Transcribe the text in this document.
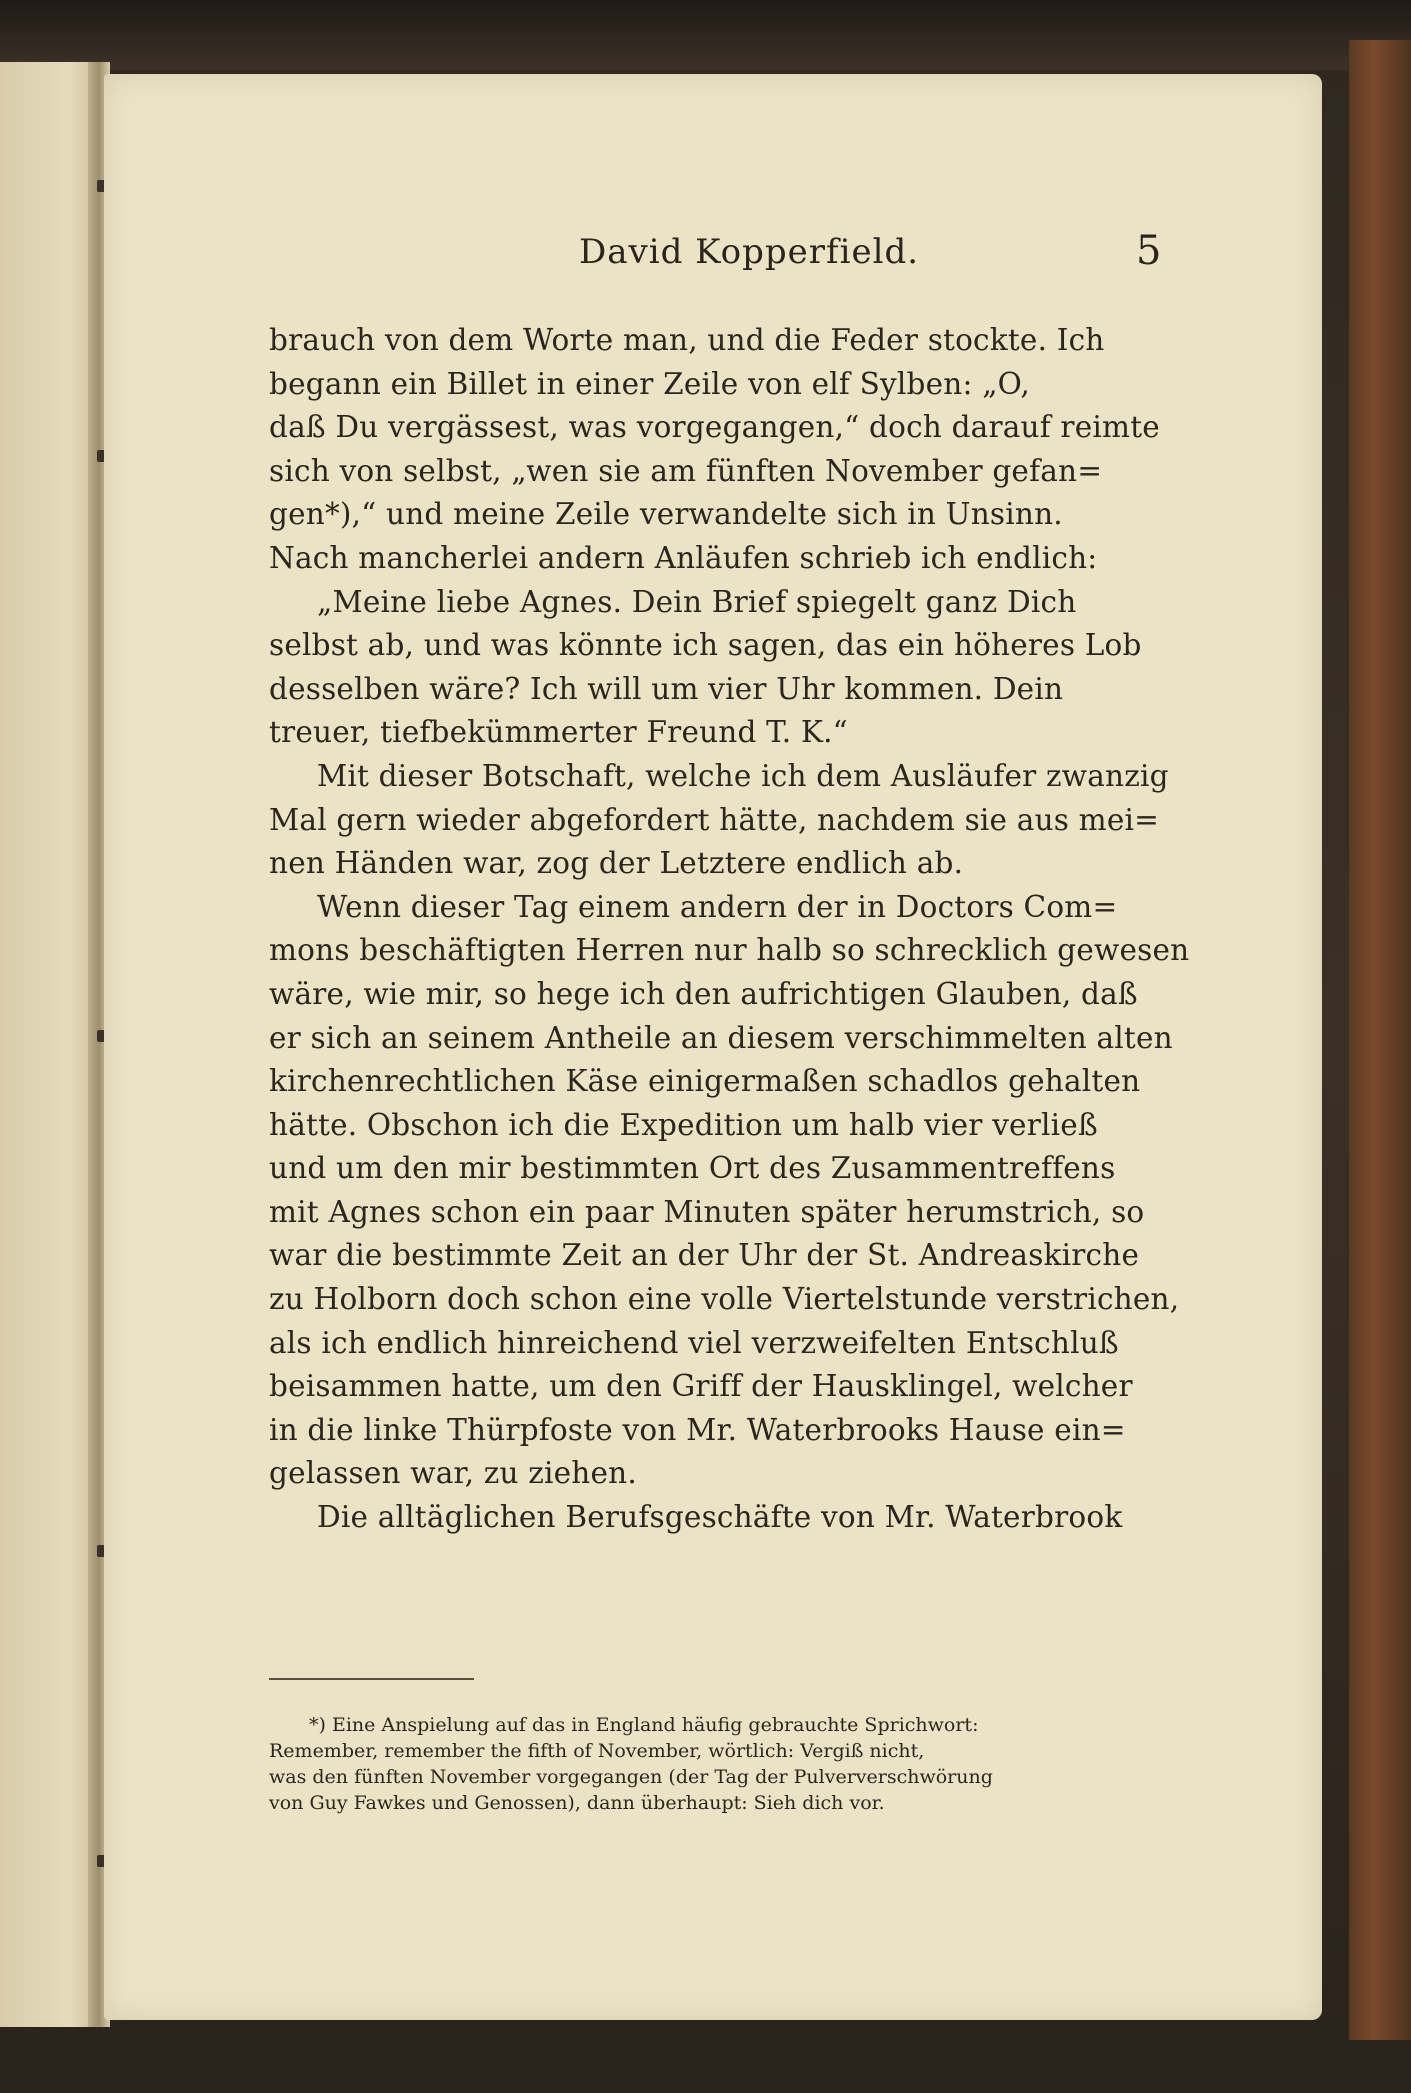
David Kopperfield.	5
brauch von dem Worte man, und die Feder stockte. Ich
begann ein Billet in einer Zeile von elf Sylben: „O,
daß Du vergässest, was vorgegangen,“ doch darauf reimte
sich von selbst, „wen sie am fünften November gefan=
gen*),“ und meine Zeile verwandelte sich in Unsinn.
Nach mancherlei andern Anläufen schrieb ich endlich:
„Meine liebe Agnes. Dein Brief spiegelt ganz Dich
selbst ab, und was könnte ich sagen, das ein höheres Lob
desselben wäre? Ich will um vier Uhr kommen. Dein
treuer, tiefbekümmerter Freund T. K.“
Mit dieser Botschaft, welche ich dem Ausläufer zwanzig
Mal gern wieder abgefordert hätte, nachdem sie aus mei=
nen Händen war, zog der Letztere endlich ab.
Wenn dieser Tag einem andern der in Doctors Com=
mons beschäftigten Herren nur halb so schrecklich gewesen
wäre, wie mir, so hege ich den aufrichtigen Glauben, daß
er sich an seinem Antheile an diesem verschimmelten alten
kirchenrechtlichen Käse einigermaßen schadlos gehalten
hätte. Obschon ich die Expedition um halb vier verließ
und um den mir bestimmten Ort des Zusammentreffens
mit Agnes schon ein paar Minuten später herumstrich, so
war die bestimmte Zeit an der Uhr der St. Andreaskirche
zu Holborn doch schon eine volle Viertelstunde verstrichen,
als ich endlich hinreichend viel verzweifelten Entschluß
beisammen hatte, um den Griff der Hausklingel, welcher
in die linke Thürpfoste von Mr. Waterbrooks Hause ein=
gelassen war, zu ziehen.
Die alltäglichen Berufsgeschäfte von Mr. Waterbrook
*) Eine Anspielung auf das in England häufig gebrauchte Sprichwort:
Remember, remember the fifth of November, wörtlich: Vergiß nicht,
was den fünften November vorgegangen (der Tag der Pulververschwörung
von Guy Fawkes und Genossen), dann überhaupt: Sieh dich vor.
